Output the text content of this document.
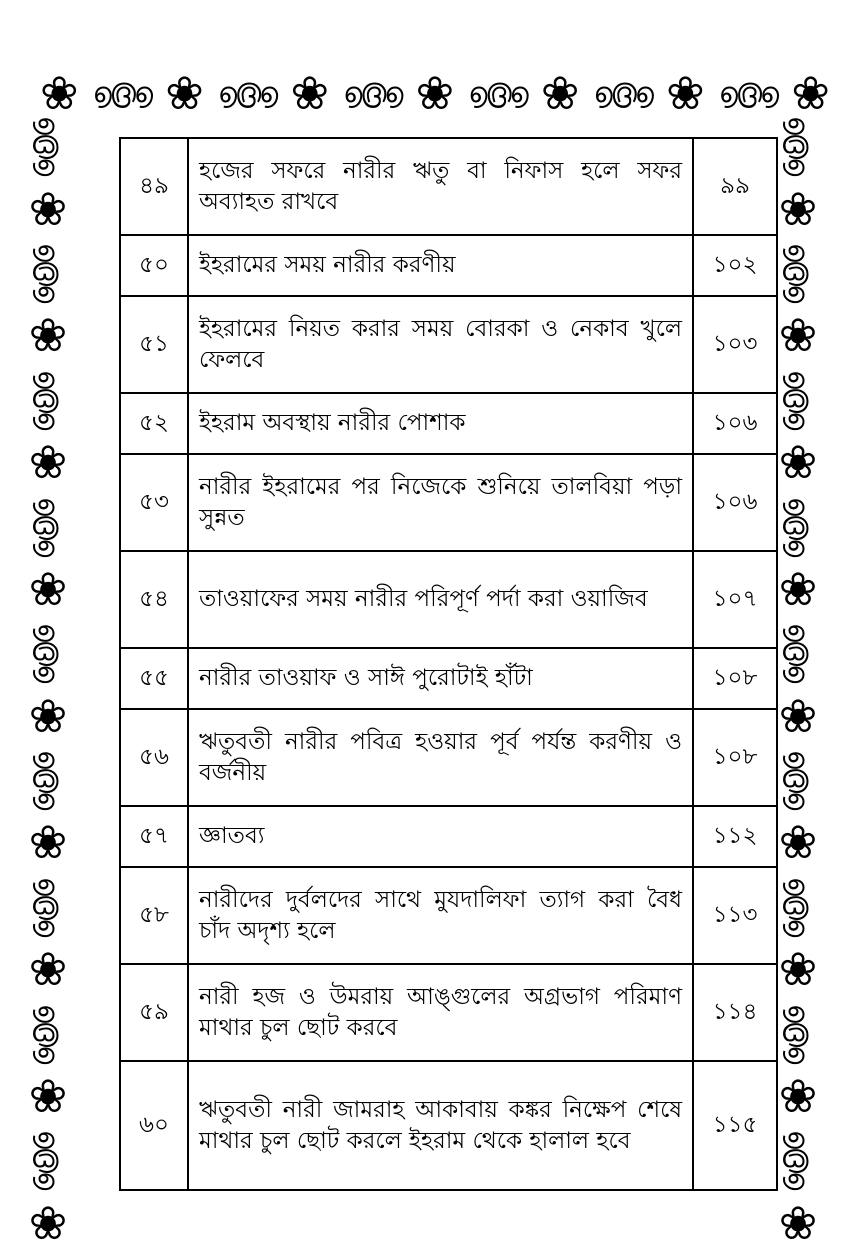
❀ ൭൫൭ ❀ ൭൫൭ ❀ ൭൫൭ ❀ ൭൫൭ ❀ ൭൫൭ ❀ ൭൫൭ ❀
൭൫൭
❀
൭൫൭
❀
൭൫൭
❀
൭൫൭
❀
൭൫൭
❀
൭൫൭
❀
൭൫൭
❀
൭൫൭
❀
൭൫൭
❀
൭൫൭
❀
൭൫൭
❀
൭൫൭
❀
൭൫൭
❀
൭൫൭
❀
൭൫൭
❀
൭൫൭
❀
൭൫൭
❀
൭൫൭
❀
৪৯	হজের সফরে নারীর ঋতু বা নিফাস হলে সফর অব্যাহত রাখবে	৯৯
৫০	ইহরামের সময় নারীর করণীয়	১০২
৫১	ইহরামের নিয়ত করার সময় বোরকা ও নেকাব খুলে ফেলবে	১০৩
৫২	ইহরাম অবস্থায় নারীর পোশাক	১০৬
৫৩	নারীর ইহরামের পর নিজেকে শুনিয়ে তালবিয়া পড়া সুন্নত	১০৬
৫৪	তাওয়াফের সময় নারীর পরিপূর্ণ পর্দা করা ওয়াজিব	১০৭
৫৫	নারীর তাওয়াফ ও সাঈ পুরোটাই হাঁটা	১০৮
৫৬	ঋতুবতী নারীর পবিত্র হওয়ার পূর্ব পর্যন্ত করণীয় ও বর্জনীয়	১০৮
৫৭	জ্ঞাতব্য	১১২
৫৮	নারীদের দুর্বলদের সাথে মুযদালিফা ত্যাগ করা বৈধ চাঁদ অদৃশ্য হলে	১১৩
৫৯	নারী হজ ও উমরায় আঙ্গুলের অগ্রভাগ পরিমাণ মাথার চুল ছোট করবে	১১৪
৬০	ঋতুবতী নারী জামরাহ আকাবায় কঙ্কর নিক্ষেপ শেষে মাথার চুল ছোট করলে ইহরাম থেকে হালাল হবে	১১৫
